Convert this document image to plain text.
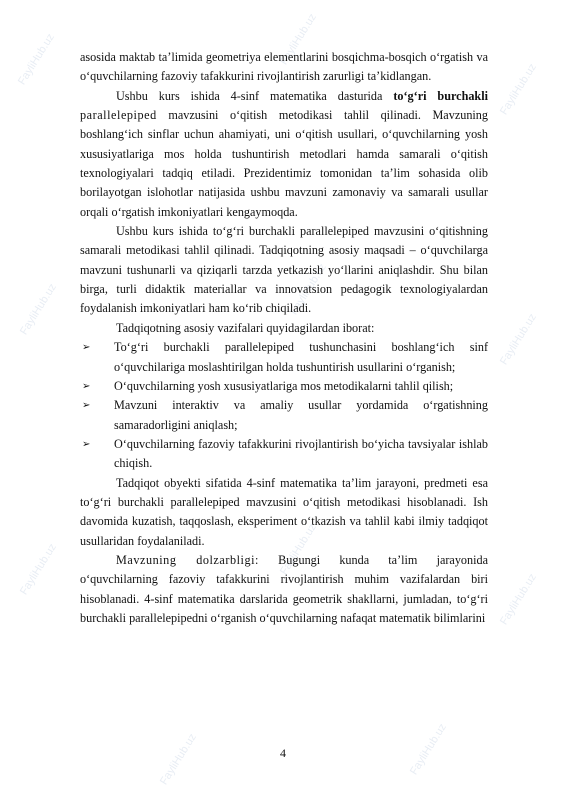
FayliHub.uz	FayliHub.uz
FayliHub.uz
FayliHub.uz	FayliHub.uz
FayliHub.uz
FayliHub.uz	FayliHub.uz
FayliHub.uz
FayliHub.uz	FayliHub.uz

asosida maktab ta’limida geometriya elementlarini bosqichma-bosqich o‘rgatish va o‘quvchilarning fazoviy tafakkurini rivojlantirish zarurligi ta’kidlangan.

Ushbu kurs ishida 4-sinf matematika dasturida to‘g‘ri burchakli parallelepiped mavzusini o‘qitish metodikasi tahlil qilinadi. Mavzuning boshlang‘ich sinflar uchun ahamiyati, uni o‘qitish usullari, o‘quvchilarning yosh xususiyatlariga mos holda tushuntirish metodlari hamda samarali o‘qitish texnologiyalari tadqiq etiladi. Prezidentimiz tomonidan ta’lim sohasida olib borilayotgan islohotlar natijasida ushbu mavzuni zamonaviy va samarali usullar orqali o‘rgatish imkoniyatlari kengaymoqda.

Ushbu kurs ishida to‘g‘ri burchakli parallelepiped mavzusini o‘qitishning samarali metodikasi tahlil qilinadi. Tadqiqotning asosiy maqsadi – o‘quvchilarga mavzuni tushunarli va qiziqarli tarzda yetkazish yo‘llarini aniqlashdir. Shu bilan birga, turli didaktik materiallar va innovatsion pedagogik texnologiyalardan foydalanish imkoniyatlari ham ko‘rib chiqiladi.

Tadqiqotning asosiy vazifalari quyidagilardan iborat:

➢ To‘g‘ri burchakli parallelepiped tushunchasini boshlang‘ich sinf o‘quvchilariga moslashtirilgan holda tushuntirish usullarini o‘rganish;
➢ O‘quvchilarning yosh xususiyatlariga mos metodikalarni tahlil qilish;
➢ Mavzuni interaktiv va amaliy usullar yordamida o‘rgatishning samaradorligini aniqlash;
➢ O‘quvchilarning fazoviy tafakkurini rivojlantirish bo‘yicha tavsiyalar ishlab chiqish.

Tadqiqot obyekti sifatida 4-sinf matematika ta’lim jarayoni, predmeti esa to‘g‘ri burchakli parallelepiped mavzusini o‘qitish metodikasi hisoblanadi. Ish davomida kuzatish, taqqoslash, eksperiment o‘tkazish va tahlil kabi ilmiy tadqiqot usullaridan foydalaniladi.

Mavzuning dolzarbligi: Bugungi kunda ta’lim jarayonida o‘quvchilarning fazoviy tafakkurini rivojlantirish muhim vazifalardan biri hisoblanadi. 4-sinf matematika darslarida geometrik shakllarni, jumladan, to‘g‘ri burchakli parallelepipedni o‘rganish o‘quvchilarning nafaqat matematik bilimlarini

4
